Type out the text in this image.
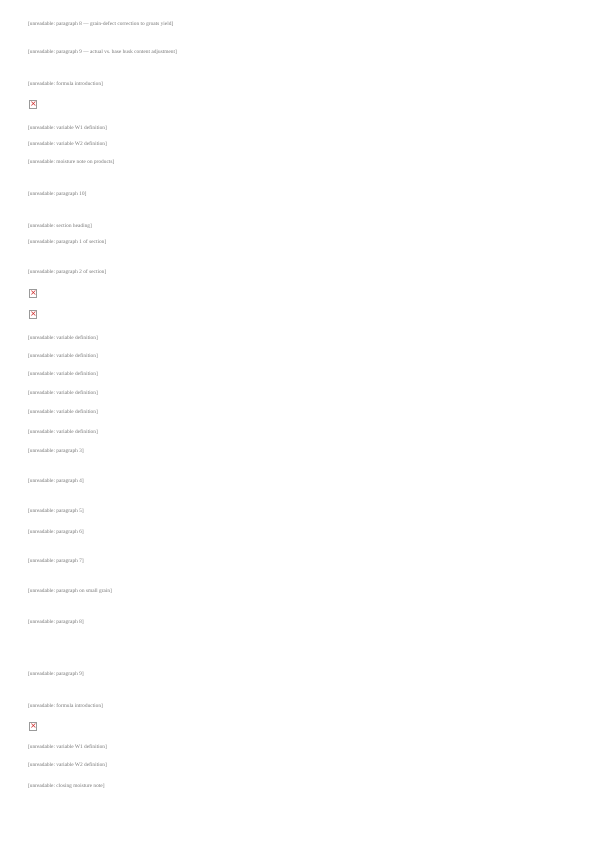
[unreadable: paragraph 8 — grain-defect correction to groats yield]

[unreadable: paragraph 9 — actual vs. base husk content adjustment]

[unreadable: formula introduction]

×

[unreadable: variable W1 definition]

[unreadable: variable W2 definition]

[unreadable: moisture note on products]

[unreadable: paragraph 10]

[unreadable: section heading]

[unreadable: paragraph 1 of section]

[unreadable: paragraph 2 of section]

×
×

[unreadable: variable definition]

[unreadable: variable definition]

[unreadable: variable definition]

[unreadable: variable definition]

[unreadable: variable definition]

[unreadable: variable definition]

[unreadable: paragraph 3]

[unreadable: paragraph 4]

[unreadable: paragraph 5]

[unreadable: paragraph 6]

[unreadable: paragraph 7]

[unreadable: paragraph on small grain]

[unreadable: paragraph 8]

[unreadable: paragraph 9]

[unreadable: formula introduction]

×

[unreadable: variable W1 definition]

[unreadable: variable W2 definition]

[unreadable: closing moisture note]
